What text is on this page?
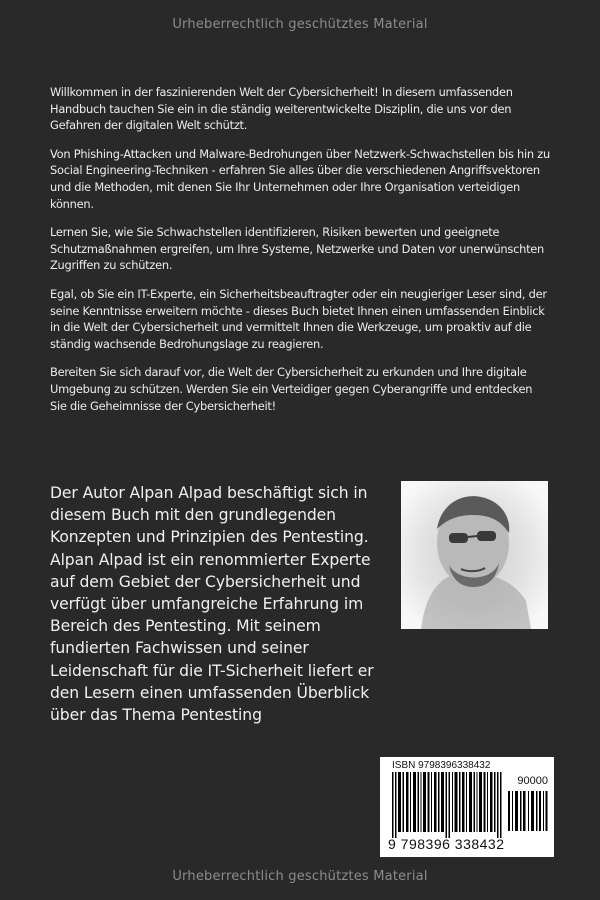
Urheberrechtlich geschütztes Material

Willkommen in der faszinierenden Welt der Cybersicherheit! In diesem umfassenden Handbuch tauchen Sie ein in die ständig weiterentwickelte Disziplin, die uns vor den Gefahren der digitalen Welt schützt.

Von Phishing-Attacken und Malware-Bedrohungen über Netzwerk-Schwachstellen bis hin zu Social Engineering-Techniken - erfahren Sie alles über die verschiedenen Angriffsvektoren und die Methoden, mit denen Sie Ihr Unternehmen oder Ihre Organisation verteidigen können.

Lernen Sie, wie Sie Schwachstellen identifizieren, Risiken bewerten und geeignete Schutzmaßnahmen ergreifen, um Ihre Systeme, Netzwerke und Daten vor unerwünschten Zugriffen zu schützen.

Egal, ob Sie ein IT-Experte, ein Sicherheitsbeauftragter oder ein neugieriger Leser sind, der seine Kenntnisse erweitern möchte - dieses Buch bietet Ihnen einen umfassenden Einblick in die Welt der Cybersicherheit und vermittelt Ihnen die Werkzeuge, um proaktiv auf die ständig wachsende Bedrohungslage zu reagieren.

Bereiten Sie sich darauf vor, die Welt der Cybersicherheit zu erkunden und Ihre digitale Umgebung zu schützen. Werden Sie ein Verteidiger gegen Cyberangriffe und entdecken Sie die Geheimnisse der Cybersicherheit!

Der Autor Alpan Alpad beschäftigt sich in diesem Buch mit den grundlegenden Konzepten und Prinzipien des Pentesting. Alpan Alpad ist ein renommierter Experte auf dem Gebiet der Cybersicherheit und verfügt über umfangreiche Erfahrung im Bereich des Pentesting. Mit seinem fundierten Fachwissen und seiner Leidenschaft für die IT-Sicherheit liefert er den Lesern einen umfassenden Überblick über das Thema Pentesting

ISBN 9798396338432
90000
9 798396 338432
Urheberrechtlich geschütztes Material
